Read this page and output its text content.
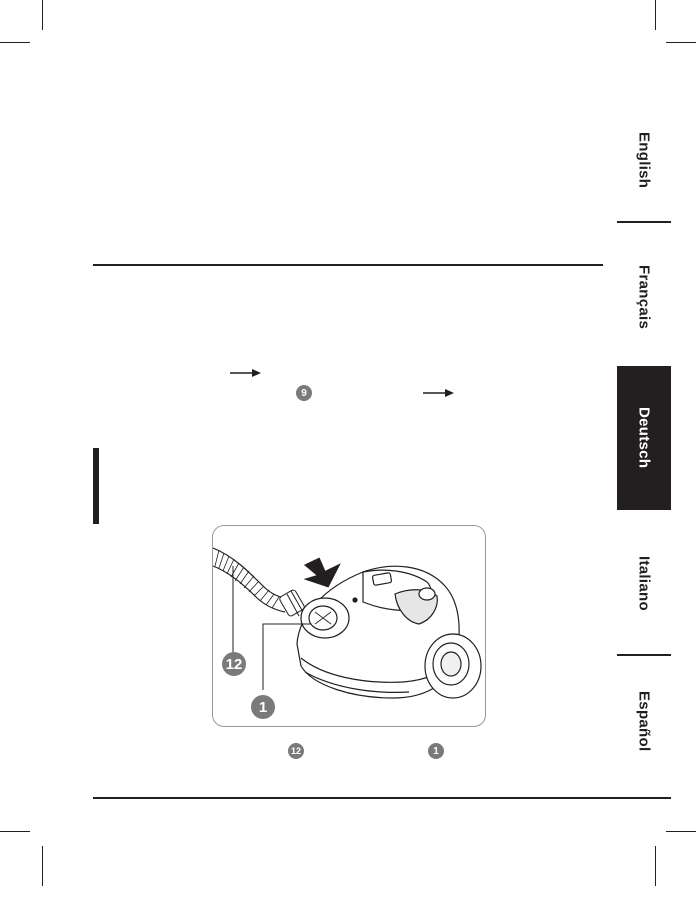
English
Français
Deutsch
Italiano
Español
9
12
1
12	1
